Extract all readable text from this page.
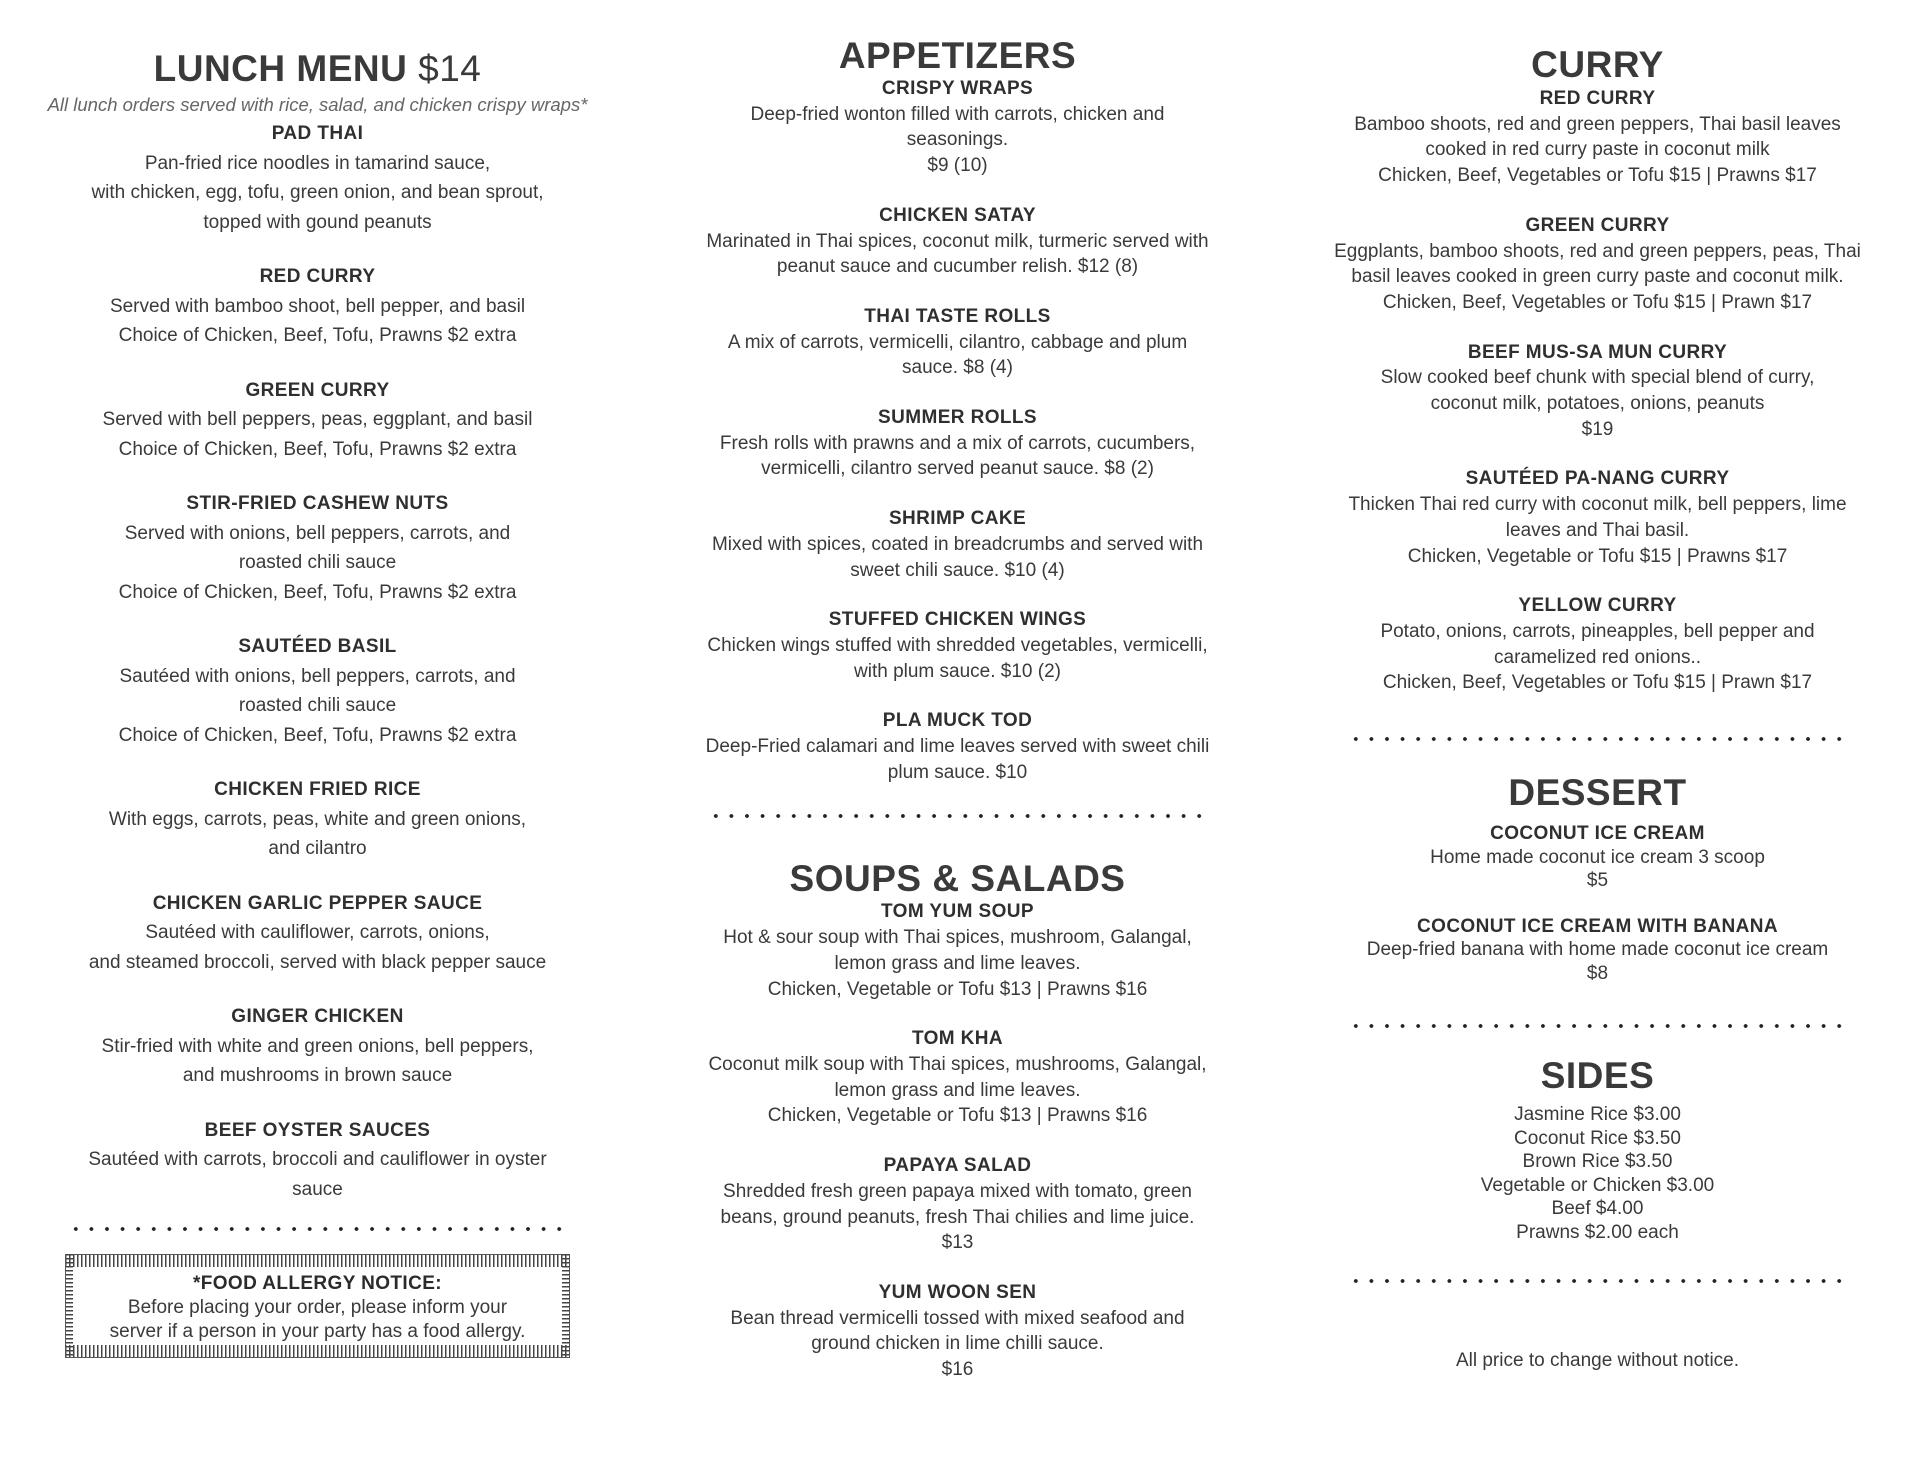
LUNCH MENU $14
All lunch orders served with rice, salad, and chicken crispy wraps*
PAD THAI
Pan-fried rice noodles in tamarind sauce,
with chicken, egg, tofu, green onion, and bean sprout,
topped with gound peanuts
RED CURRY
Served with bamboo shoot, bell pepper, and basil
Choice of Chicken, Beef, Tofu, Prawns $2 extra
GREEN CURRY
Served with bell peppers, peas, eggplant, and basil
Choice of Chicken, Beef, Tofu, Prawns $2 extra
STIR-FRIED CASHEW NUTS
Served with onions, bell peppers, carrots, and
roasted chili sauce
Choice of Chicken, Beef, Tofu, Prawns $2 extra
SAUTÉED BASIL
Sautéed with onions, bell peppers, carrots, and
roasted chili sauce
Choice of Chicken, Beef, Tofu, Prawns $2 extra
CHICKEN FRIED RICE
With eggs, carrots, peas, white and green onions,
and cilantro
CHICKEN GARLIC PEPPER SAUCE
Sautéed with cauliflower, carrots, onions,
and steamed broccoli, served with black pepper sauce
GINGER CHICKEN
Stir-fried with white and green onions, bell peppers,
and mushrooms in brown sauce
BEEF OYSTER SAUCES
Sautéed with carrots, broccoli and cauliflower in oyster
sauce
*FOOD ALLERGY NOTICE:
Before placing your order, please inform your
server if a person in your party has a food allergy.
APPETIZERS
CRISPY WRAPS
Deep-fried wonton filled with carrots, chicken and
seasonings.
$9 (10)
CHICKEN SATAY
Marinated in Thai spices, coconut milk, turmeric served with
peanut sauce and cucumber relish. $12 (8)
THAI TASTE ROLLS
A mix of carrots, vermicelli, cilantro, cabbage and plum
sauce. $8 (4)
SUMMER ROLLS
Fresh rolls with prawns and a mix of carrots, cucumbers,
vermicelli, cilantro served peanut sauce. $8 (2)
SHRIMP CAKE
Mixed with spices, coated in breadcrumbs and served with
sweet chili sauce. $10 (4)
STUFFED CHICKEN WINGS
Chicken wings stuffed with shredded vegetables, vermicelli,
with plum sauce. $10 (2)
PLA MUCK TOD
Deep-Fried calamari and lime leaves served with sweet chili
plum sauce. $10
SOUPS & SALADS
TOM YUM SOUP
Hot & sour soup with Thai spices, mushroom, Galangal,
lemon grass and lime leaves.
Chicken, Vegetable or Tofu $13 | Prawns $16
TOM KHA
Coconut milk soup with Thai spices, mushrooms, Galangal,
lemon grass and lime leaves.
Chicken, Vegetable or Tofu $13 | Prawns $16
PAPAYA SALAD
Shredded fresh green papaya mixed with tomato, green
beans, ground peanuts, fresh Thai chilies and lime juice.
$13
YUM WOON SEN
Bean thread vermicelli tossed with mixed seafood and
ground chicken in lime chilli sauce.
$16
CURRY
RED CURRY
Bamboo shoots, red and green peppers, Thai basil leaves
cooked in red curry paste in coconut milk
Chicken, Beef, Vegetables or Tofu $15 | Prawns $17
GREEN CURRY
Eggplants, bamboo shoots, red and green peppers, peas, Thai
basil leaves cooked in green curry paste and coconut milk.
Chicken, Beef, Vegetables or Tofu $15 | Prawn $17
BEEF MUS-SA MUN CURRY
Slow cooked beef chunk with special blend of curry,
coconut milk, potatoes, onions, peanuts
$19
SAUTÉED PA-NANG CURRY
Thicken Thai red curry with coconut milk, bell peppers, lime
leaves and Thai basil.
Chicken, Vegetable or Tofu $15 | Prawns $17
YELLOW CURRY
Potato, onions, carrots, pineapples, bell pepper and
caramelized red onions..
Chicken, Beef, Vegetables or Tofu $15 | Prawn $17
DESSERT
COCONUT ICE CREAM
Home made coconut ice cream 3 scoop
$5
COCONUT ICE CREAM WITH BANANA
Deep-fried banana with home made coconut ice cream
$8
SIDES
Jasmine Rice $3.00
Coconut Rice $3.50
Brown Rice $3.50
Vegetable or Chicken $3.00
Beef $4.00
Prawns $2.00 each
All price to change without notice.
